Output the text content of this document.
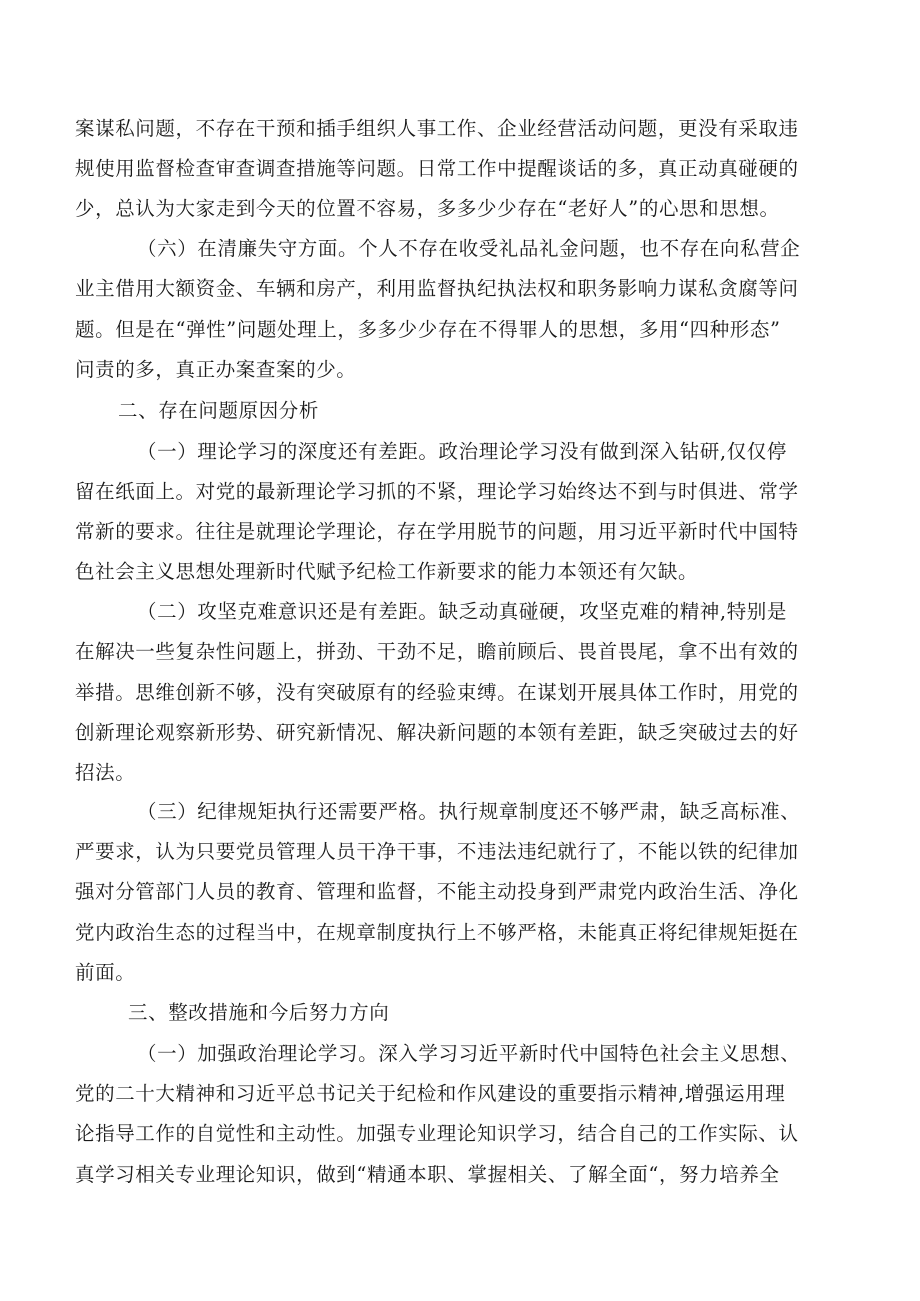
案谋私问题，不存在干预和插手组织人事工作、企业经营活动问题，更没有采取违
规使用监督检查审查调查措施等问题。日常工作中提醒谈话的多，真正动真碰硬的
少，总认为大家走到今天的位置不容易，多多少少存在“老好人”的心思和思想。
（六）在清廉失守方面。个人不存在收受礼品礼金问题，也不存在向私营企
业主借用大额资金、车辆和房产，利用监督执纪执法权和职务影响力谋私贪腐等问
题。但是在“弹性”问题处理上，多多少少存在不得罪人的思想，多用“四种形态”
问责的多，真正办案查案的少。
二、存在问题原因分析
（一）理论学习的深度还有差距。政治理论学习没有做到深入钻研,仅仅停
留在纸面上。对党的最新理论学习抓的不紧，理论学习始终达不到与时俱进、常学
常新的要求。往往是就理论学理论，存在学用脱节的问题，用习近平新时代中国特
色社会主义思想处理新时代赋予纪检工作新要求的能力本领还有欠缺。
（二）攻坚克难意识还是有差距。缺乏动真碰硬，攻坚克难的精神,特别是
在解决一些复杂性问题上，拼劲、干劲不足，瞻前顾后、畏首畏尾，拿不出有效的
举措。思维创新不够，没有突破原有的经验束缚。在谋划开展具体工作时，用党的
创新理论观察新形势、研究新情况、解决新问题的本领有差距，缺乏突破过去的好
招法。
（三）纪律规矩执行还需要严格。执行规章制度还不够严肃，缺乏高标准、
严要求，认为只要党员管理人员干净干事，不违法违纪就行了，不能以铁的纪律加
强对分管部门人员的教育、管理和监督，不能主动投身到严肃党内政治生活、净化
党内政治生态的过程当中，在规章制度执行上不够严格，未能真正将纪律规矩挺在
前面。
三、整改措施和今后努力方向
（一）加强政治理论学习。深入学习习近平新时代中国特色社会主义思想、
党的二十大精神和习近平总书记关于纪检和作风建设的重要指示精神,增强运用理
论指导工作的自觉性和主动性。加强专业理论知识学习，结合自己的工作实际、认
真学习相关专业理论知识，做到“精通本职、掌握相关、了解全面“，努力培养全
